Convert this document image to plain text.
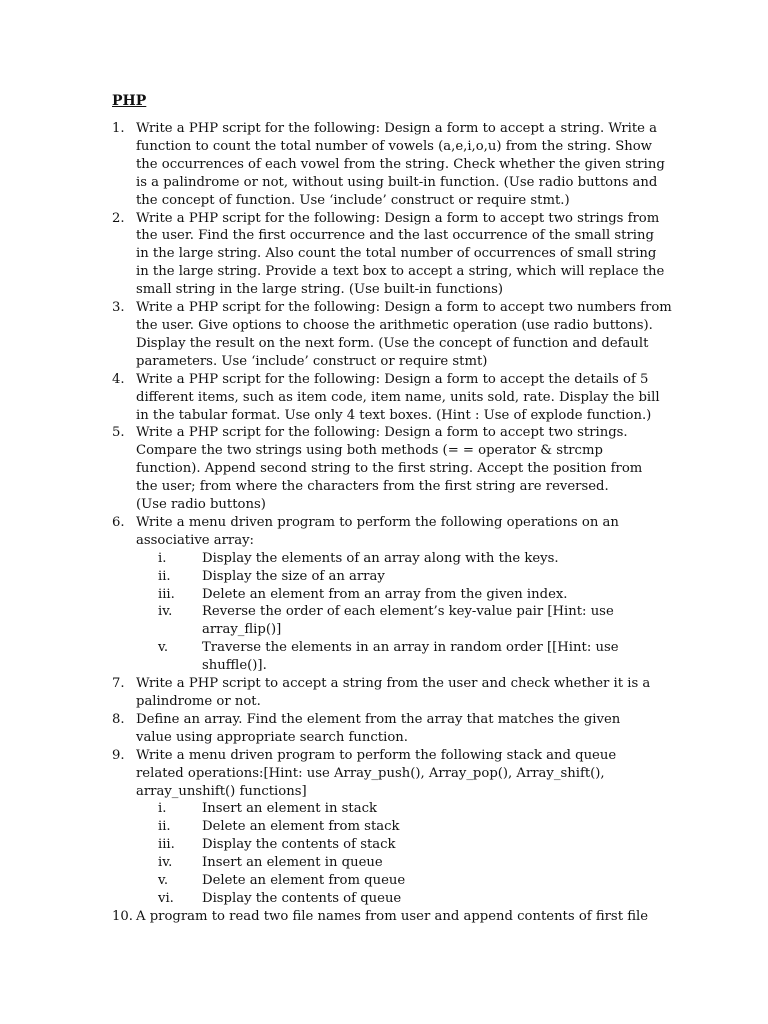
PHP
1. Write a PHP script for the following: Design a form to accept a string. Write a
function to count the total number of vowels (a,e,i,o,u) from the string. Show
the occurrences of each vowel from the string. Check whether the given string
is a palindrome or not, without using built-in function. (Use radio buttons and
the concept of function. Use ‘include’ construct or require stmt.)
2. Write a PHP script for the following: Design a form to accept two strings from
the user. Find the first occurrence and the last occurrence of the small string
in the large string. Also count the total number of occurrences of small string
in the large string. Provide a text box to accept a string, which will replace the
small string in the large string. (Use built-in functions)
3. Write a PHP script for the following: Design a form to accept two numbers from
the user. Give options to choose the arithmetic operation (use radio buttons).
Display the result on the next form. (Use the concept of function and default
parameters. Use ‘include’ construct or require stmt)
4. Write a PHP script for the following: Design a form to accept the details of 5
different items, such as item code, item name, units sold, rate. Display the bill
in the tabular format. Use only 4 text boxes. (Hint : Use of explode function.)
5. Write a PHP script for the following: Design a form to accept two strings.
Compare the two strings using both methods (= = operator & strcmp
function). Append second string to the first string. Accept the position from
the user; from where the characters from the first string are reversed.
(Use radio buttons)
6. Write a menu driven program to perform the following operations on an
associative array:
i.	Display the elements of an array along with the keys.
ii.	Display the size of an array
iii.	Delete an element from an array from the given index.
iv.	Reverse the order of each element’s key-value pair [Hint: use
array_flip()]
v.	Traverse the elements in an array in random order [[Hint: use
shuffle()].
7. Write a PHP script to accept a string from the user and check whether it is a
palindrome or not.
8. Define an array. Find the element from the array that matches the given
value using appropriate search function.
9. Write a menu driven program to perform the following stack and queue
related operations:[Hint: use Array_push(), Array_pop(), Array_shift(),
array_unshift() functions]
i.	Insert an element in stack
ii.	Delete an element from stack
iii.	Display the contents of stack
iv.	Insert an element in queue
v.	Delete an element from queue
vi.	Display the contents of queue
10. A program to read two file names from user and append contents of first file
